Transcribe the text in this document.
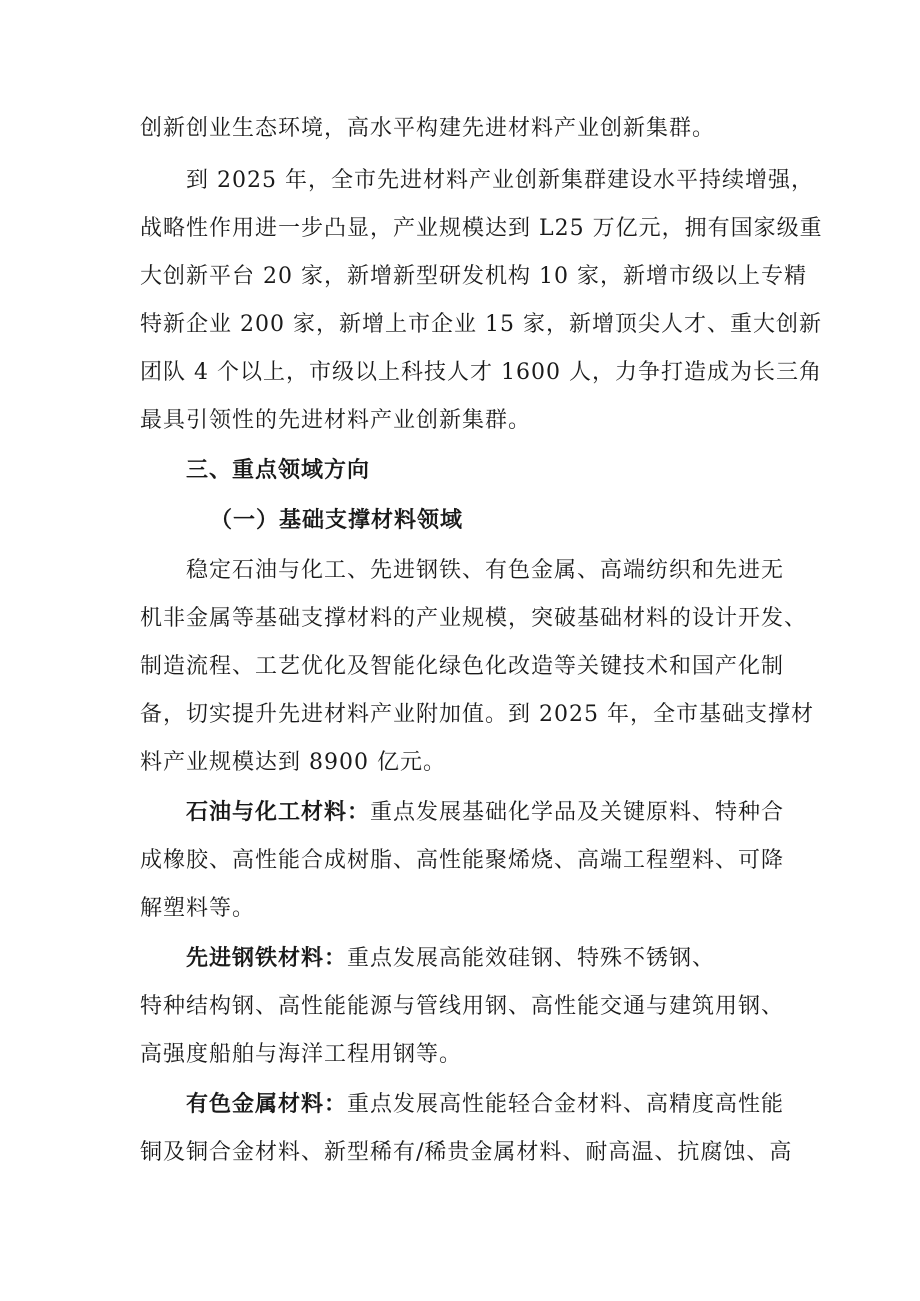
创新创业生态环境，高水平构建先进材料产业创新集群。
到 2025 年，全市先进材料产业创新集群建设水平持续增强，
战略性作用进一步凸显，产业规模达到 L25 万亿元，拥有国家级重
大创新平台 20 家，新增新型研发机构 10 家，新增市级以上专精
特新企业 200 家，新增上市企业 15 家，新增顶尖人才、重大创新
团队 4 个以上，市级以上科技人才 1600 人，力争打造成为长三角
最具引领性的先进材料产业创新集群。
三、重点领域方向
（一）基础支撑材料领域
稳定石油与化工、先进钢铁、有色金属、高端纺织和先进无
机非金属等基础支撑材料的产业规模，突破基础材料的设计开发、
制造流程、工艺优化及智能化绿色化改造等关键技术和国产化制
备，切实提升先进材料产业附加值。到 2025 年，全市基础支撑材
料产业规模达到 8900 亿元。
石油与化工材料：重点发展基础化学品及关键原料、特种合
成橡胶、高性能合成树脂、高性能聚烯烧、高端工程塑料、可降
解塑料等。
先进钢铁材料：重点发展高能效硅钢、特殊不锈钢、
特种结构钢、高性能能源与管线用钢、高性能交通与建筑用钢、
高强度船舶与海洋工程用钢等。
有色金属材料：重点发展高性能轻合金材料、高精度高性能
铜及铜合金材料、新型稀有/稀贵金属材料、耐高温、抗腐蚀、高
